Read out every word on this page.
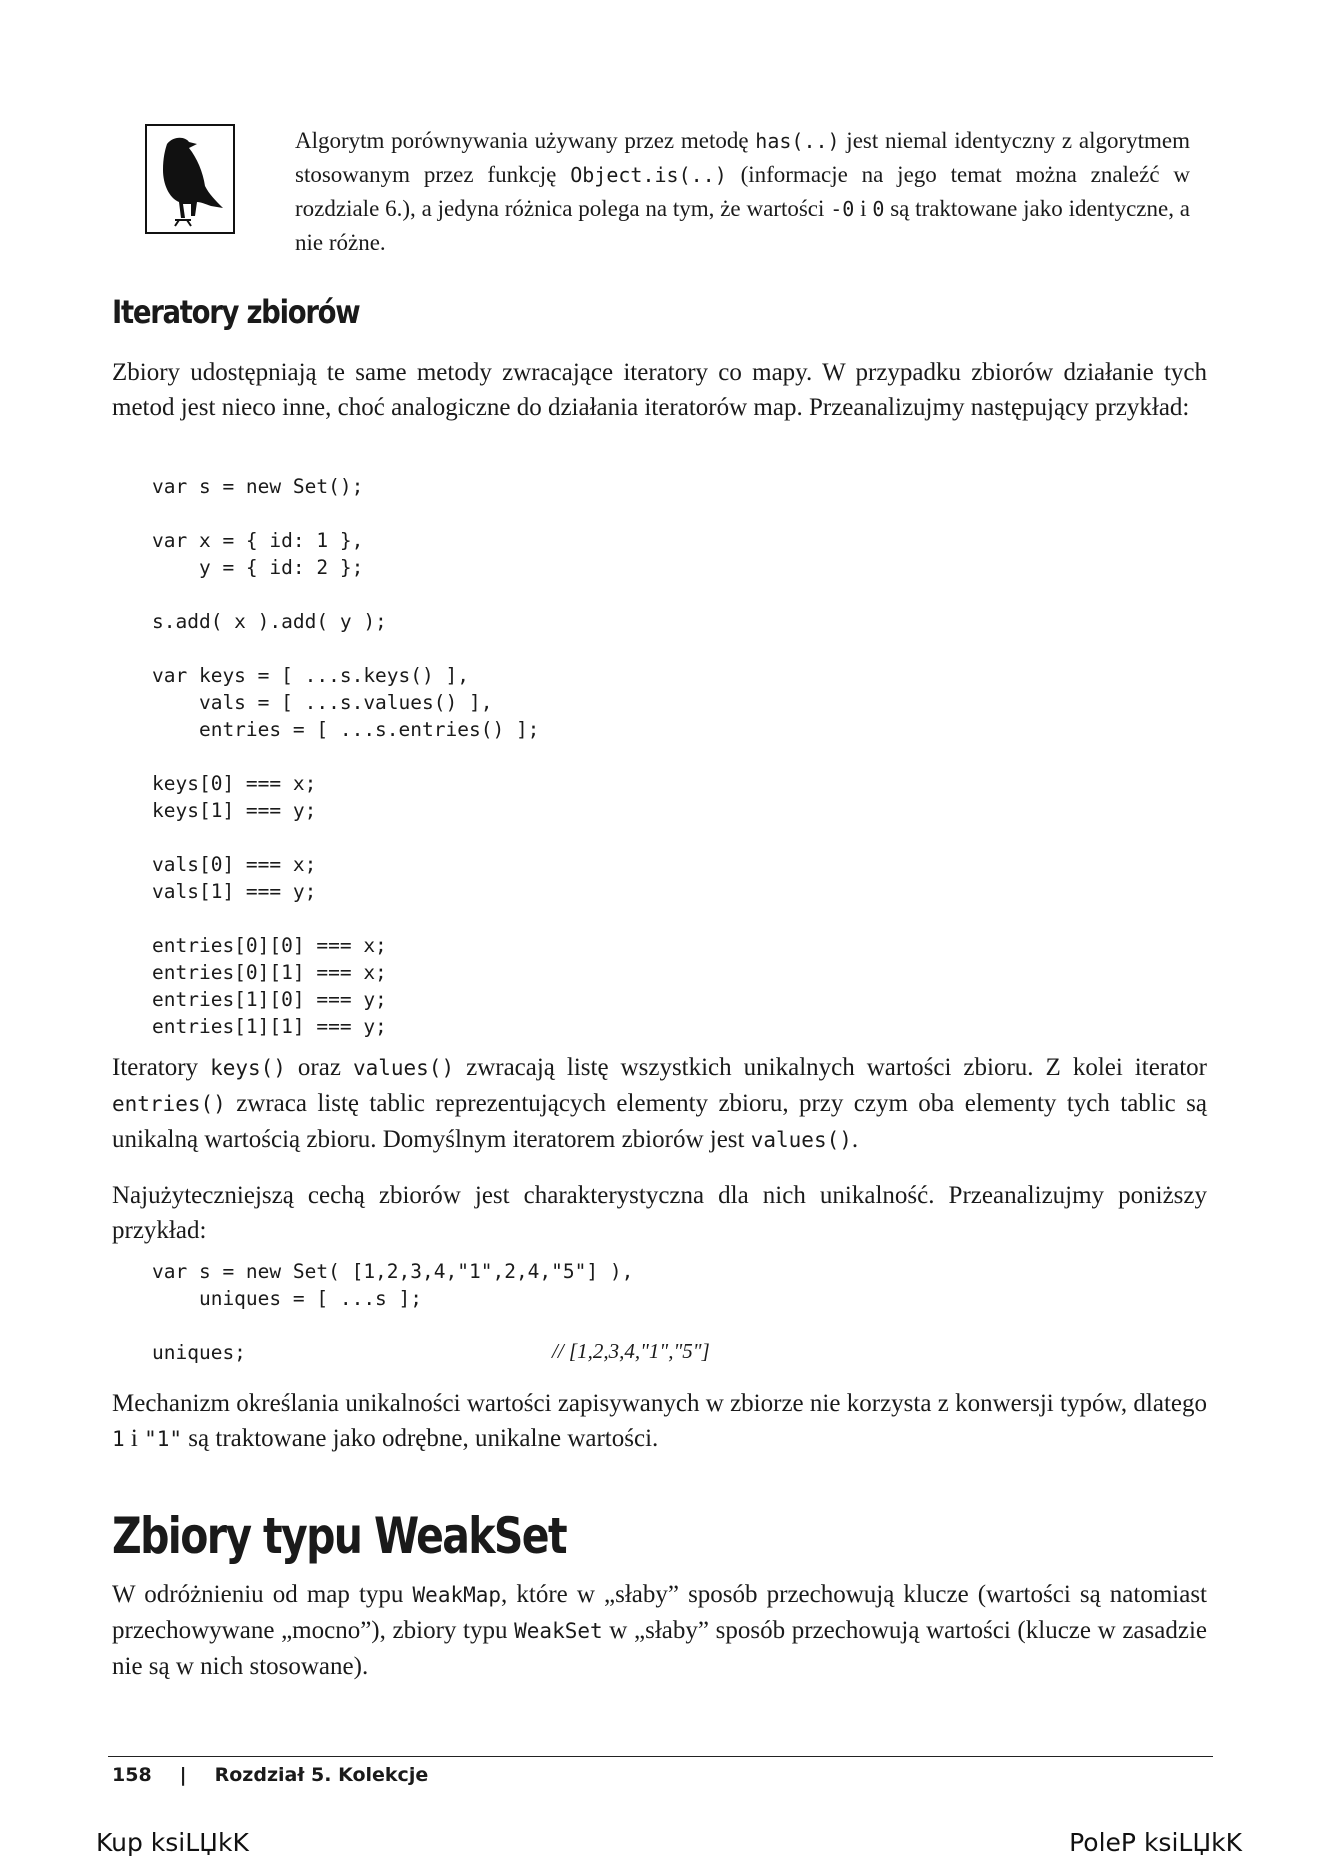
Algorytm porównywania używany przez metodę has(..) jest niemal identyczny z algorytmem stosowanym przez funkcję Object.is(..) (informacje na jego temat można znaleźć w rozdziale 6.), a jedyna różnica polega na tym, że wartości -0 i 0 są traktowane jako identyczne, a nie różne.
Iteratory zbiorów

Zbiory udostępniają te same metody zwracające iteratory co mapy. W przypadku zbiorów działanie tych metod jest nieco inne, choć analogiczne do działania iteratorów map. Przeanalizujmy następujący przykład:

var s = new Set();

var x = { id: 1 },
y = { id: 2 };

s.add( x ).add( y );

var keys = [ ...s.keys() ],
vals = [ ...s.values() ],
entries = [ ...s.entries() ];

keys[0] === x;
keys[1] === y;

vals[0] === x;
vals[1] === y;

entries[0][0] === x;
entries[0][1] === x;
entries[1][0] === y;
entries[1][1] === y;

Iteratory keys() oraz values() zwracają listę wszystkich unikalnych wartości zbioru. Z kolei iterator entries() zwraca listę tablic reprezentujących elementy zbioru, przy czym oba elementy tych tablic są unikalną wartością zbioru. Domyślnym iteratorem zbiorów jest values().

Najużyteczniejszą cechą zbiorów jest charakterystyczna dla nich unikalność. Przeanalizujmy poniższy przykład:

var s = new Set( [1,2,3,4,"1",2,4,"5"] ),
uniques = [ ...s ];

uniques;	// [1,2,3,4,"1","5"]

Mechanizm określania unikalności wartości zapisywanych w zbiorze nie korzysta z konwersji typów, dlatego 1 i "1" są traktowane jako odrębne, unikalne wartości.

Zbiory typu WeakSet

W odróżnieniu od map typu WeakMap, które w „słaby” sposób przechowują klucze (wartości są natomiast przechowywane „mocno”), zbiory typu WeakSet w „słaby” sposób przechowują wartości (klucze w zasadzie nie są w nich stosowane).

158 | Rozdział 5. Kolekcje
Kup ksiLЏkK	PoleP ksiLЏkK
